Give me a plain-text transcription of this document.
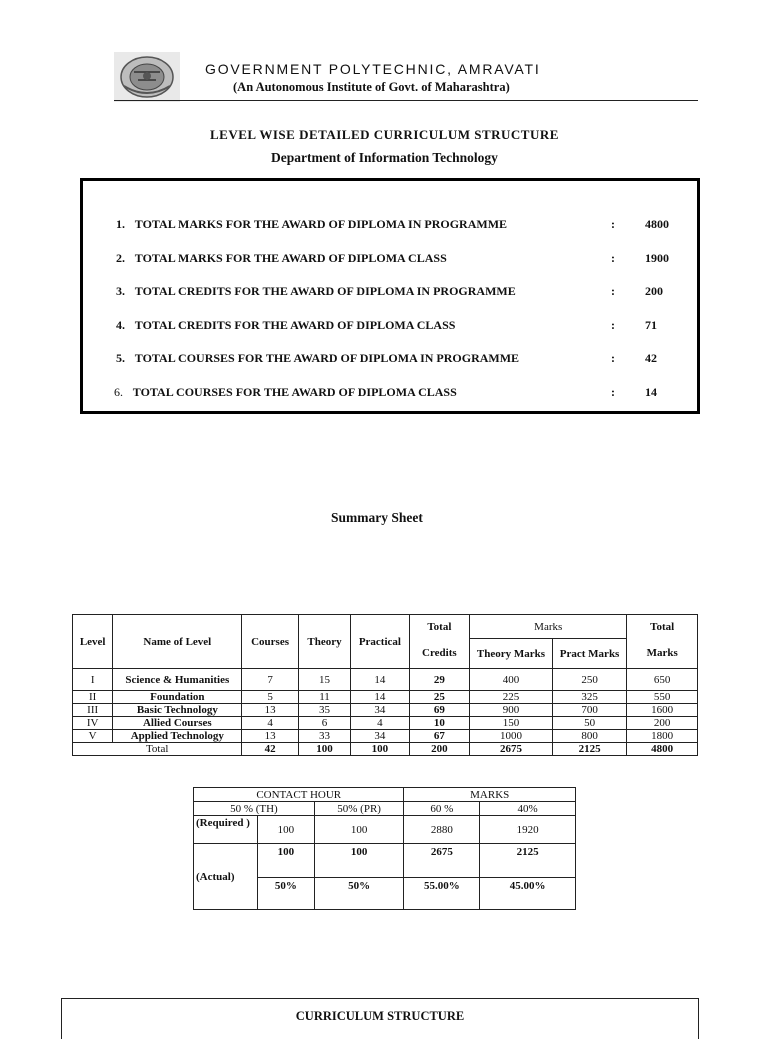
GOVERNMENT POLYTECHNIC, AMRAVATI
(An Autonomous Institute of Govt. of Maharashtra)
LEVEL WISE DETAILED CURRICULUM STRUCTURE
Department of Information Technology
1. TOTAL MARKS FOR THE AWARD OF DIPLOMA IN PROGRAMME	:	4800
2. TOTAL MARKS FOR THE AWARD OF DIPLOMA CLASS	:	1900
3. TOTAL CREDITS FOR THE AWARD OF DIPLOMA IN PROGRAMME	:	200
4. TOTAL CREDITS FOR THE AWARD OF DIPLOMA CLASS	:	71
5. TOTAL COURSES FOR THE AWARD OF DIPLOMA IN PROGRAMME	:	42
6. TOTAL COURSES FOR THE AWARD OF DIPLOMA CLASS	:	14
Summary Sheet
Level	Name of Level	Courses	Theory	Practical	Total	Marks		Total
					Credits	Theory Marks	Pract Marks	Marks
I	Science & Humanities	7	15	14	29	400	250	650
II	Foundation	5	11	14	25	225	325	550
III	Basic Technology	13	35	34	69	900	700	1600
IV	Allied Courses	4	6	4	10	150	50	200
V	Applied Technology	13	33	34	67	1000	800	1800
Total		42	100	100	200	2675	2125	4800
CONTACT HOUR			MARKS	
50 % (TH)		50% (PR)	60 %	40%
(Required )	100	100	2880	1920
(Actual)	100	100	2675	2125
	50%	50%	55.00%	45.00%
CURRICULUM STRUCTURE
